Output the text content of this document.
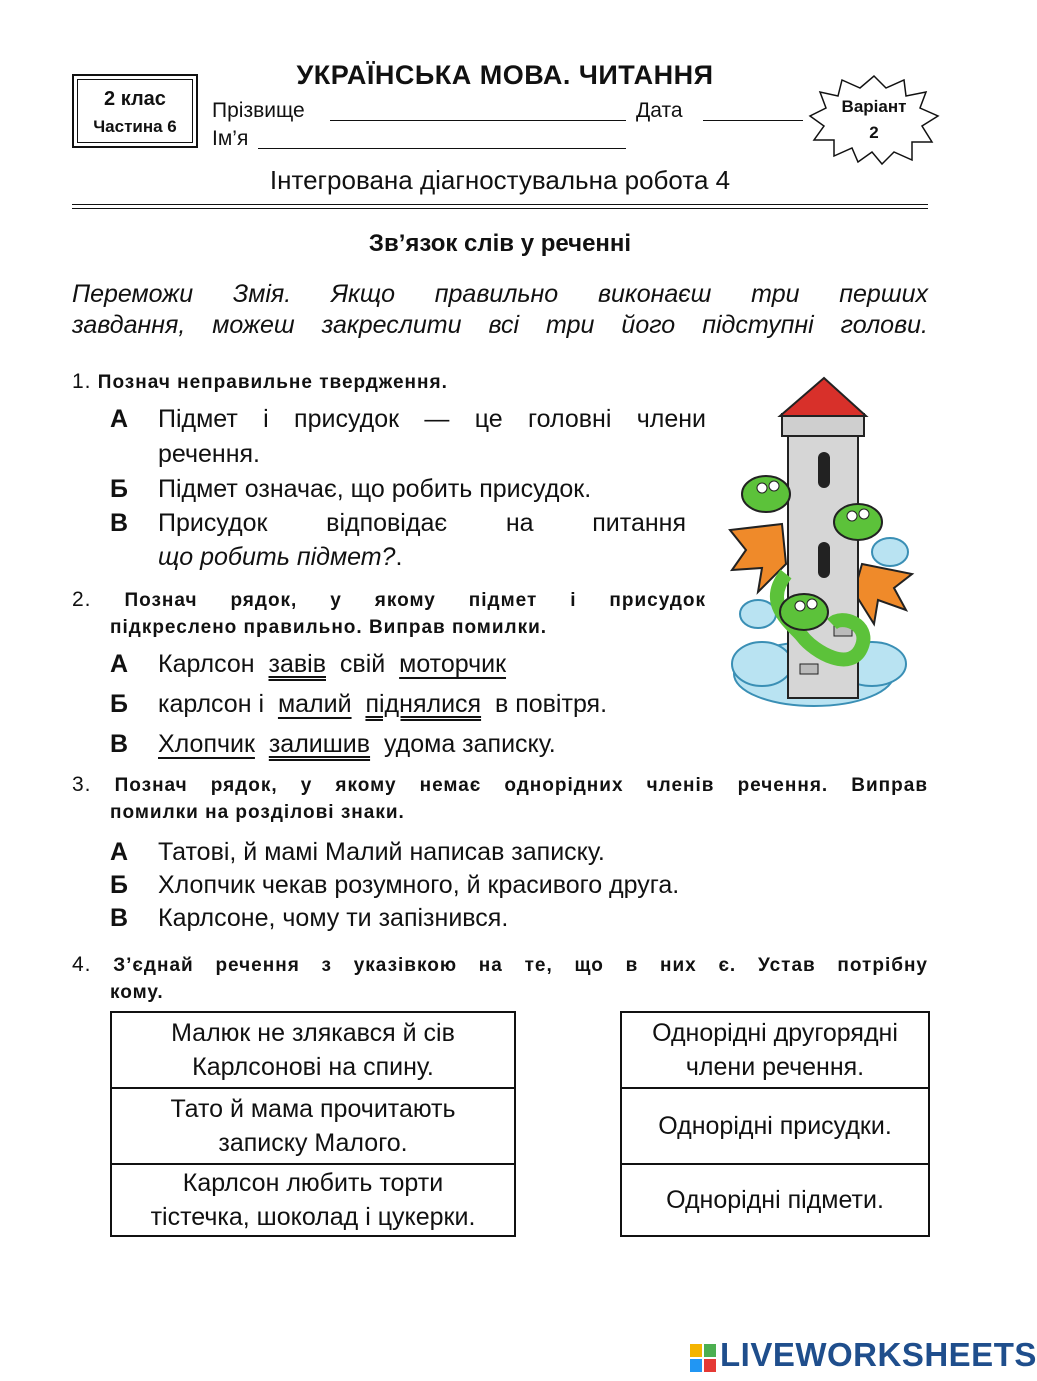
2 клас
Частина 6
УКРАЇНСЬКА МОВА. ЧИТАННЯ
Прізвище	Дата
Ім’я
Варіант
2
Інтегрована діагностувальна робота 4
Зв’язок слів у реченні
Переможи Змія. Якщо правильно виконаєш три перших
завдання, можеш закреслити всі три його підступні голови.
1. Познач неправильне твердження.
А Підмет і присудок — це головні члени
речення.
Б Підмет означає, що робить присудок.
В Присудок відповідає на питання
що робить підмет?.
2. Познач рядок, у якому підмет і присудок
підкреслено правильно. Виправ помилки.
А Карлсон завів свій моторчик
Б карлсон і малий піднялися в повітря.
В Хлопчик залишив удома записку.
3. Познач рядок, у якому немає однорідних членів речення. Виправ
помилки на розділові знаки.
А Татові, й мамі Малий написав записку.
Б Хлопчик чекав розумного, й красивого друга.
В Карлсоне, чому ти запізнився.
4. З’єднай речення з указівкою на те, що в них є. Устав потрібну
кому.
Малюк не злякався й сів
Карлсонові на спину.
Тато й мама прочитають
записку Малого.
Карлсон любить торти
тістечка, шоколад і цукерки.
Однорідні другорядні
члени речення.
Однорідні присудки.
Однорідні підмети.
LIVEWORKSHEETS
